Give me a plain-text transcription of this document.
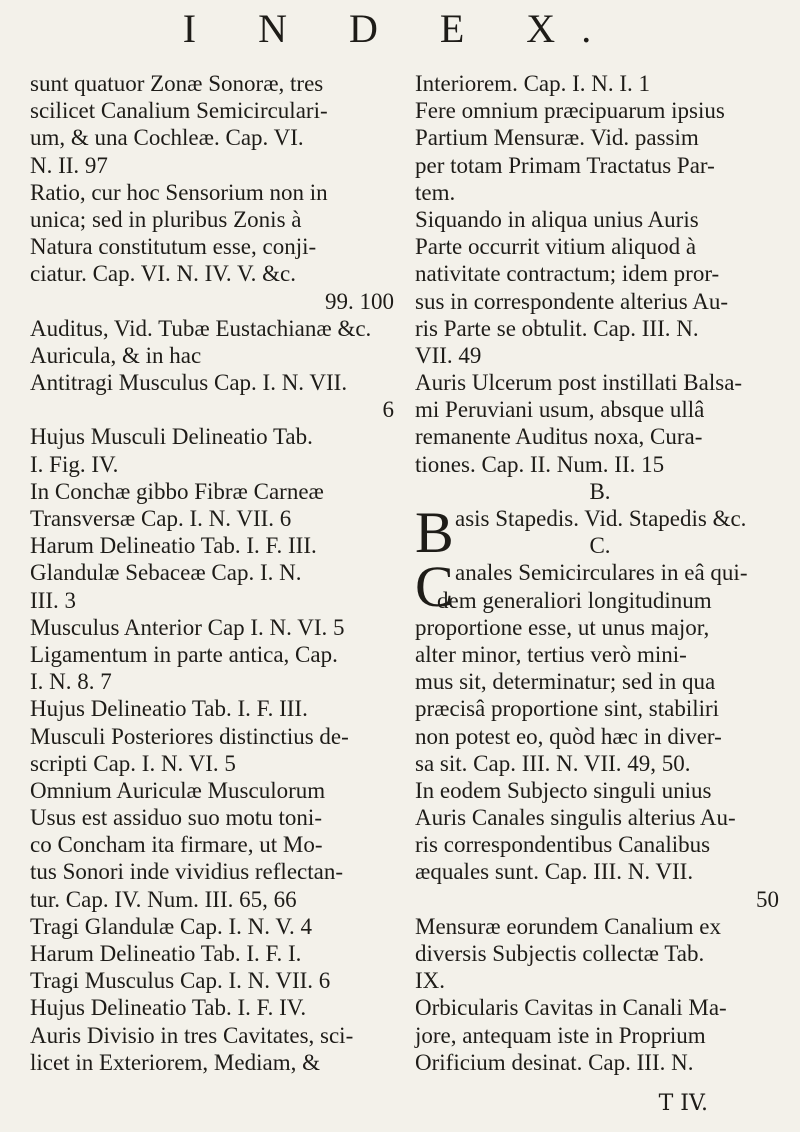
I N D E X.
sunt quatuor Zonæ Sonoræ, tres
scilicet Canalium Semicirculari-
um, & una Cochleæ. Cap. VI.
N. II. 97
Ratio, cur hoc Sensorium non in
unica; sed in pluribus Zonis à
Natura constitutum esse, conji-
ciatur. Cap. VI. N. IV. V. &c.
99. 100
Auditus, Vid. Tubæ Eustachianæ &c.
Auricula, & in hac
Antitragi Musculus Cap. I. N. VII.
6
Hujus Musculi Delineatio Tab.
I. Fig. IV.
In Conchæ gibbo Fibræ Carneæ
Transversæ Cap. I. N. VII. 6
Harum Delineatio Tab. I. F. III.
Glandulæ Sebaceæ Cap. I. N.
III. 3
Musculus Anterior Cap I. N. VI. 5
Ligamentum in parte antica, Cap.
I. N. 8. 7
Hujus Delineatio Tab. I. F. III.
Musculi Posteriores distinctius de-
scripti Cap. I. N. VI. 5
Omnium Auriculæ Musculorum
Usus est assiduo suo motu toni-
co Concham ita firmare, ut Mo-
tus Sonori inde vividius reflectan-
tur. Cap. IV. Num. III. 65, 66
Tragi Glandulæ Cap. I. N. V. 4
Harum Delineatio Tab. I. F. I.
Tragi Musculus Cap. I. N. VII. 6
Hujus Delineatio Tab. I. F. IV.
Auris Divisio in tres Cavitates, sci-
licet in Exteriorem, Mediam, &
Interiorem. Cap. I. N. I. 1
Fere omnium præcipuarum ipsius
Partium Mensuræ. Vid. passim
per totam Primam Tractatus Par-
tem.
Siquando in aliqua unius Auris
Parte occurrit vitium aliquod à
nativitate contractum; idem pror-
sus in correspondente alterius Au-
ris Parte se obtulit. Cap. III. N.
VII. 49
Auris Ulcerum post instillati Balsa-
mi Peruviani usum, absque ullâ
remanente Auditus noxa, Cura-
tiones. Cap. II. Num. II. 15
B.
B asis Stapedis. Vid. Stapedis &c.
C.
C anales Semicirculares in eâ qui-
dem generaliori longitudinum
proportione esse, ut unus major,
alter minor, tertius verò mini-
mus sit, determinatur; sed in qua
præcisâ proportione sint, stabiliri
non potest eo, quòd hæc in diver-
sa sit. Cap. III. N. VII. 49, 50.
In eodem Subjecto singuli unius
Auris Canales singulis alterius Au-
ris correspondentibus Canalibus
æquales sunt. Cap. III. N. VII.
50
Mensuræ eorundem Canalium ex
diversis Subjectis collectæ Tab.
IX.
Orbicularis Cavitas in Canali Ma-
jore, antequam iste in Proprium
Orificium desinat. Cap. III. N.
T IV.
